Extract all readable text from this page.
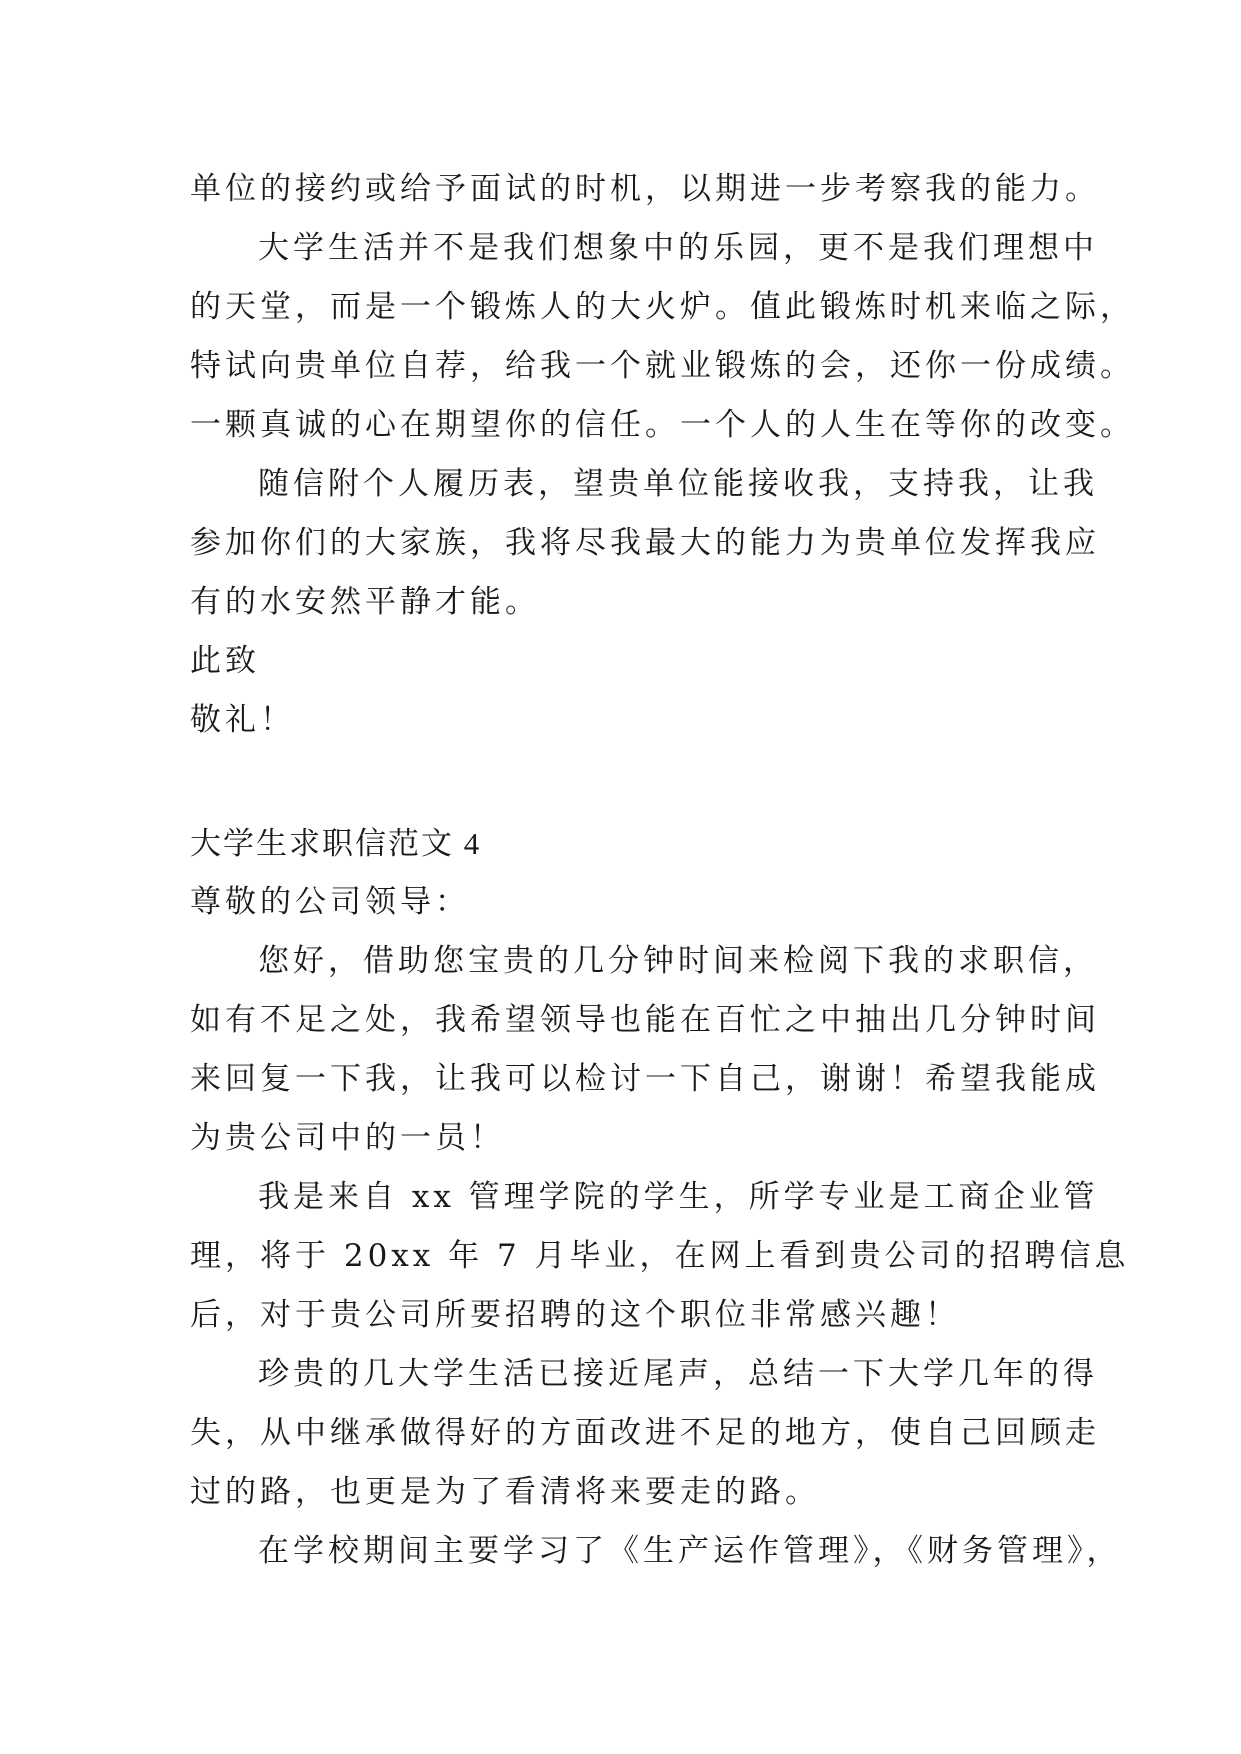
单位的接约或给予面试的时机，以期进一步考察我的能力。
大学生活并不是我们想象中的乐园，更不是我们理想中
的天堂，而是一个锻炼人的大火炉。值此锻炼时机来临之际，
特试向贵单位自荐，给我一个就业锻炼的会，还你一份成绩。
一颗真诚的心在期望你的信任。一个人的人生在等你的改变。
随信附个人履历表，望贵单位能接收我，支持我，让我
参加你们的大家族，我将尽我最大的能力为贵单位发挥我应
有的水安然平静才能。
此致
敬礼！
大学生求职信范文 4
尊敬的公司领导：
您好，借助您宝贵的几分钟时间来检阅下我的求职信，
如有不足之处，我希望领导也能在百忙之中抽出几分钟时间
来回复一下我，让我可以检讨一下自己，谢谢！希望我能成
为贵公司中的一员！
我是来自 xx 管理学院的学生，所学专业是工商企业管
理，将于 20xx 年 7 月毕业，在网上看到贵公司的招聘信息
后，对于贵公司所要招聘的这个职位非常感兴趣！
珍贵的几大学生活已接近尾声，总结一下大学几年的得
失，从中继承做得好的方面改进不足的地方，使自己回顾走
过的路，也更是为了看清将来要走的路。
在学校期间主要学习了《生产运作管理》，《财务管理》，
